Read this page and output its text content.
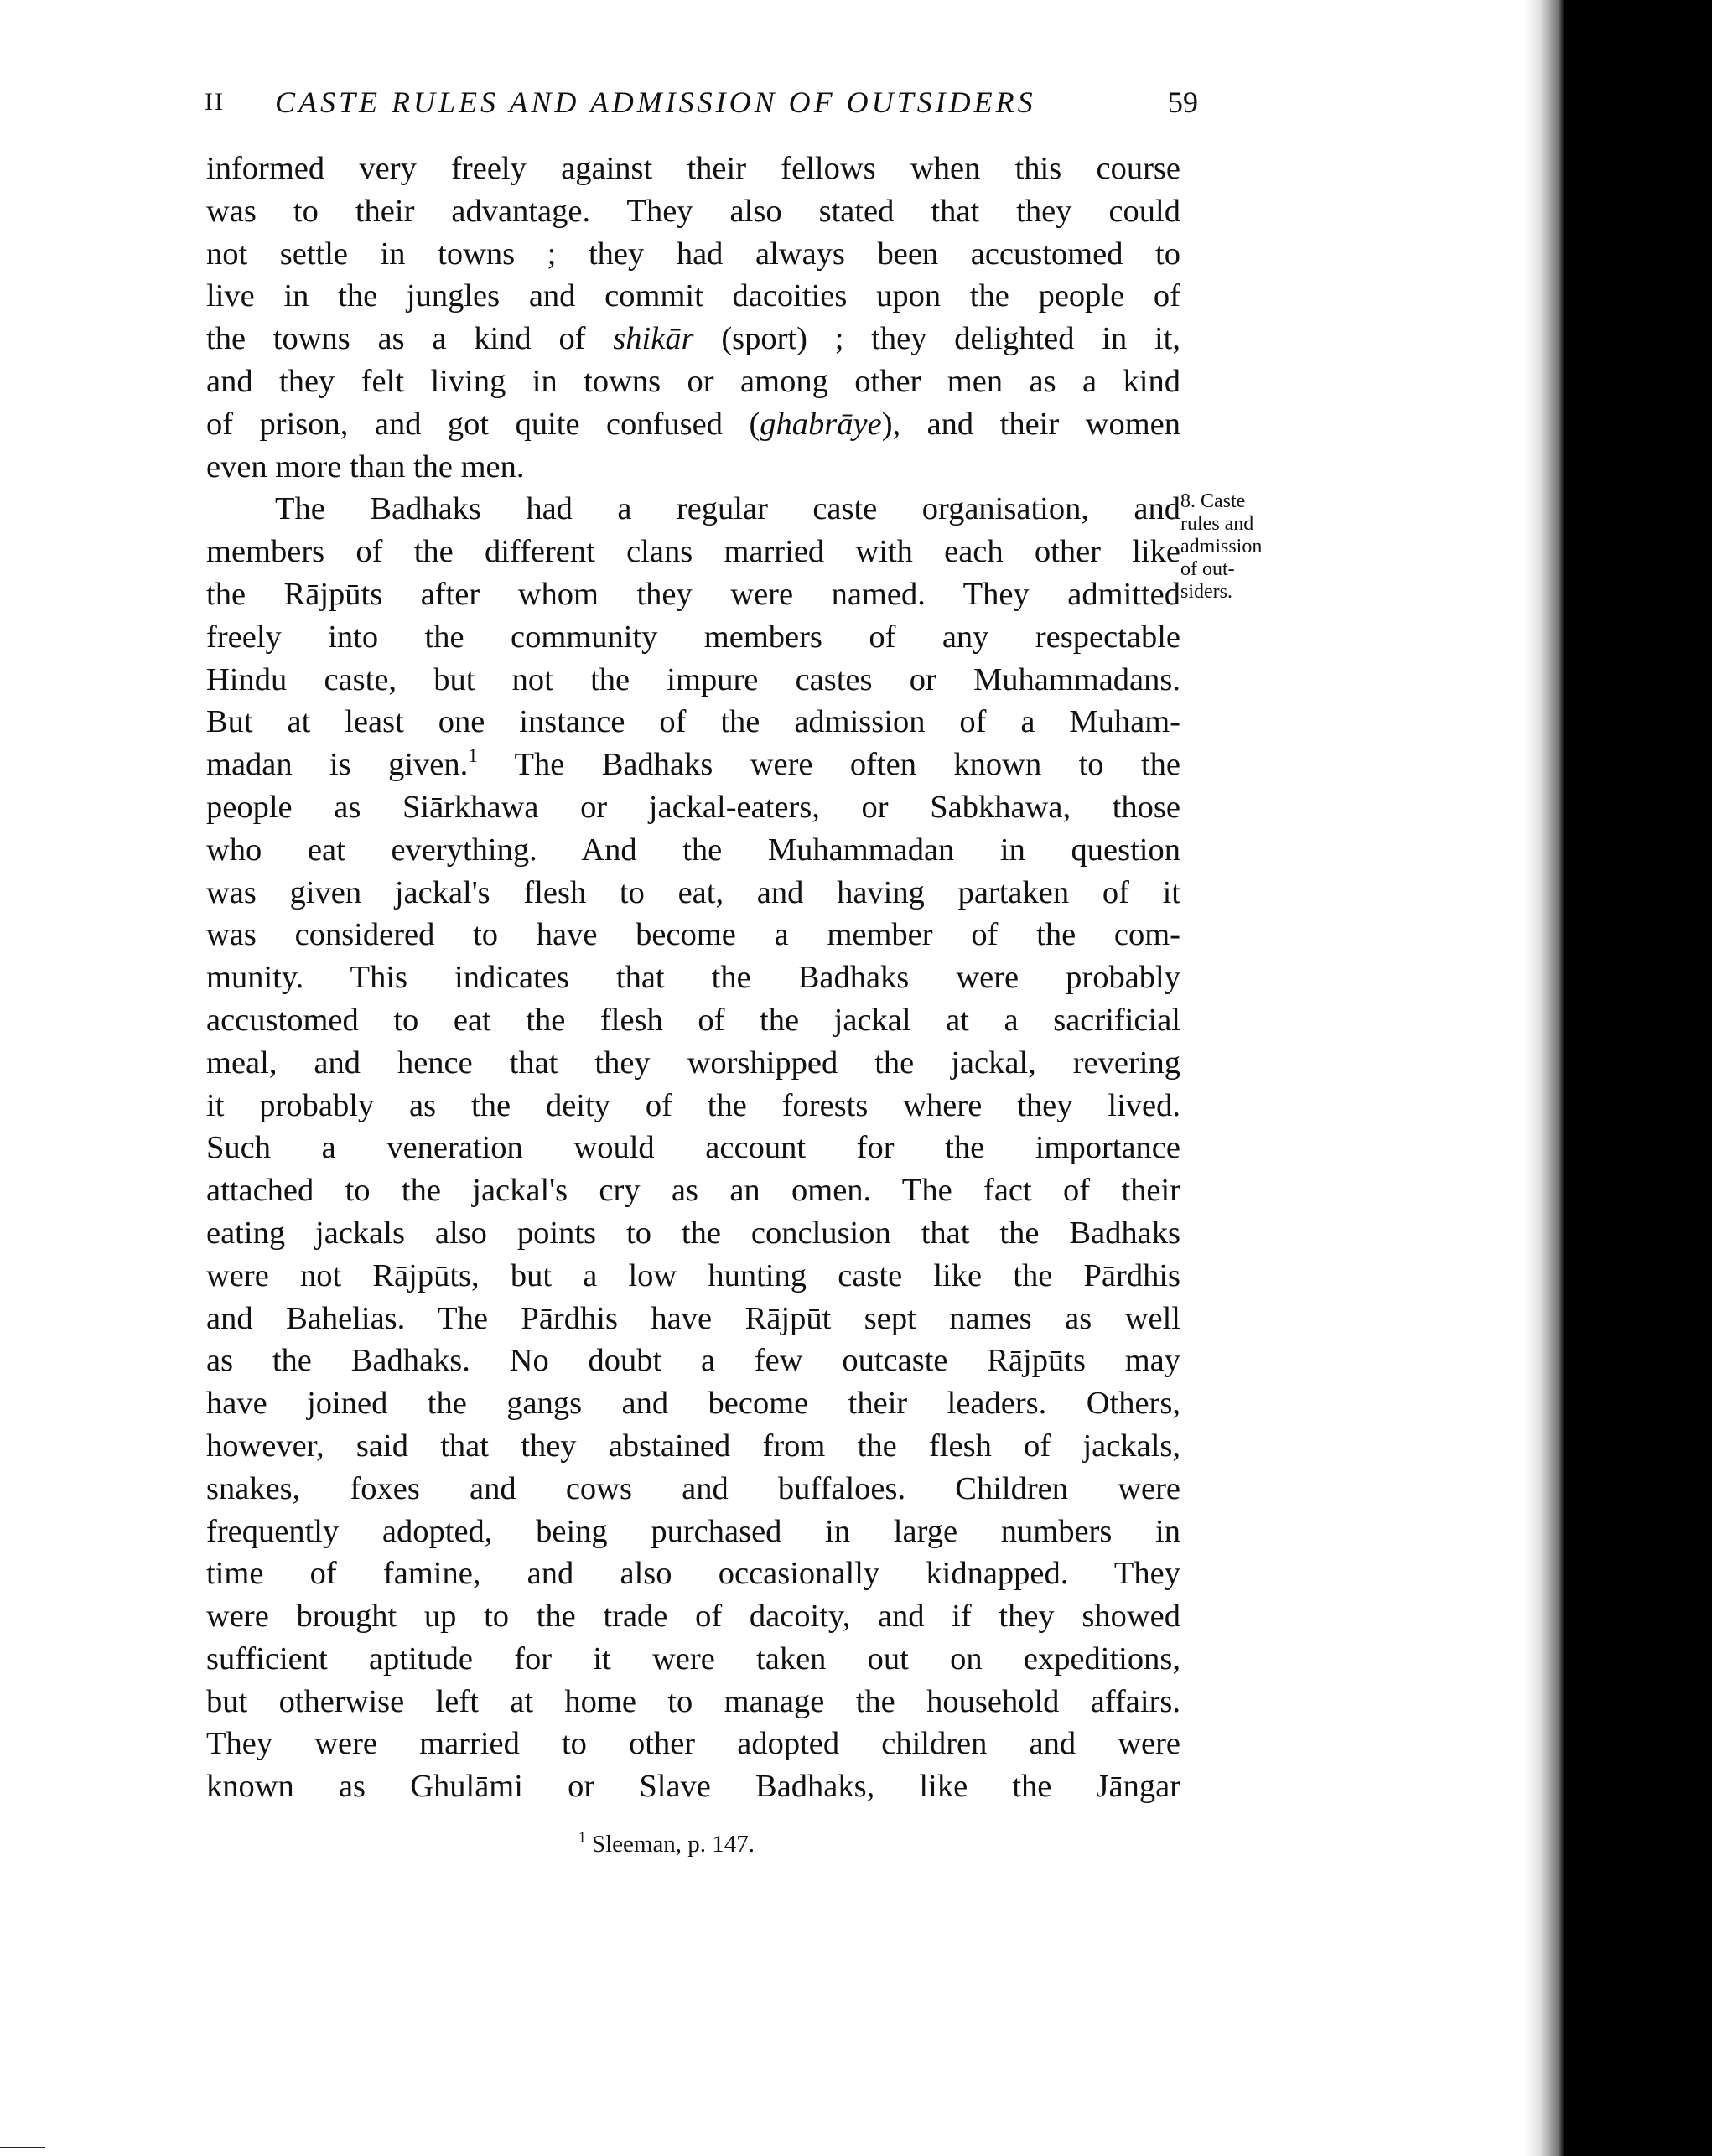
II CASTE RULES AND ADMISSION OF OUTSIDERS	59
informed very freely against their fellows when this course
was to their advantage. They also stated that they could
not settle in towns ; they had always been accustomed to
live in the jungles and commit dacoities upon the people of
the towns as a kind of shikār (sport) ; they delighted in it,
and they felt living in towns or among other men as a kind
of prison, and got quite confused (ghabrāye), and their women
even more than the men.
The Badhaks had a regular caste organisation, and
members of the different clans married with each other like
the Rājpūts after whom they were named. They admitted
freely into the community members of any respectable
Hindu caste, but not the impure castes or Muhammadans.
But at least one instance of the admission of a Muham-
madan is given.$^1$ The Badhaks were often known to the
people as Siārkhawa or jackal-eaters, or Sabkhawa, those
who eat everything. And the Muhammadan in question
was given jackal's flesh to eat, and having partaken of it
was considered to have become a member of the com-
munity. This indicates that the Badhaks were probably
accustomed to eat the flesh of the jackal at a sacrificial
meal, and hence that they worshipped the jackal, revering
it probably as the deity of the forests where they lived.
Such a veneration would account for the importance
attached to the jackal's cry as an omen. The fact of their
eating jackals also points to the conclusion that the Badhaks
were not Rājpūts, but a low hunting caste like the Pārdhis
and Bahelias. The Pārdhis have Rājpūt sept names as well
as the Badhaks. No doubt a few outcaste Rājpūts may
have joined the gangs and become their leaders. Others,
however, said that they abstained from the flesh of jackals,
snakes, foxes and cows and buffaloes. Children were
frequently adopted, being purchased in large numbers in
time of famine, and also occasionally kidnapped. They
were brought up to the trade of dacoity, and if they showed
sufficient aptitude for it were taken out on expeditions,
but otherwise left at home to manage the household affairs.
They were married to other adopted children and were
known as Ghulāmi or Slave Badhaks, like the Jāngar
8. Caste
rules and
admission
of out-
siders.
$^1$ Sleeman, p. 147.
